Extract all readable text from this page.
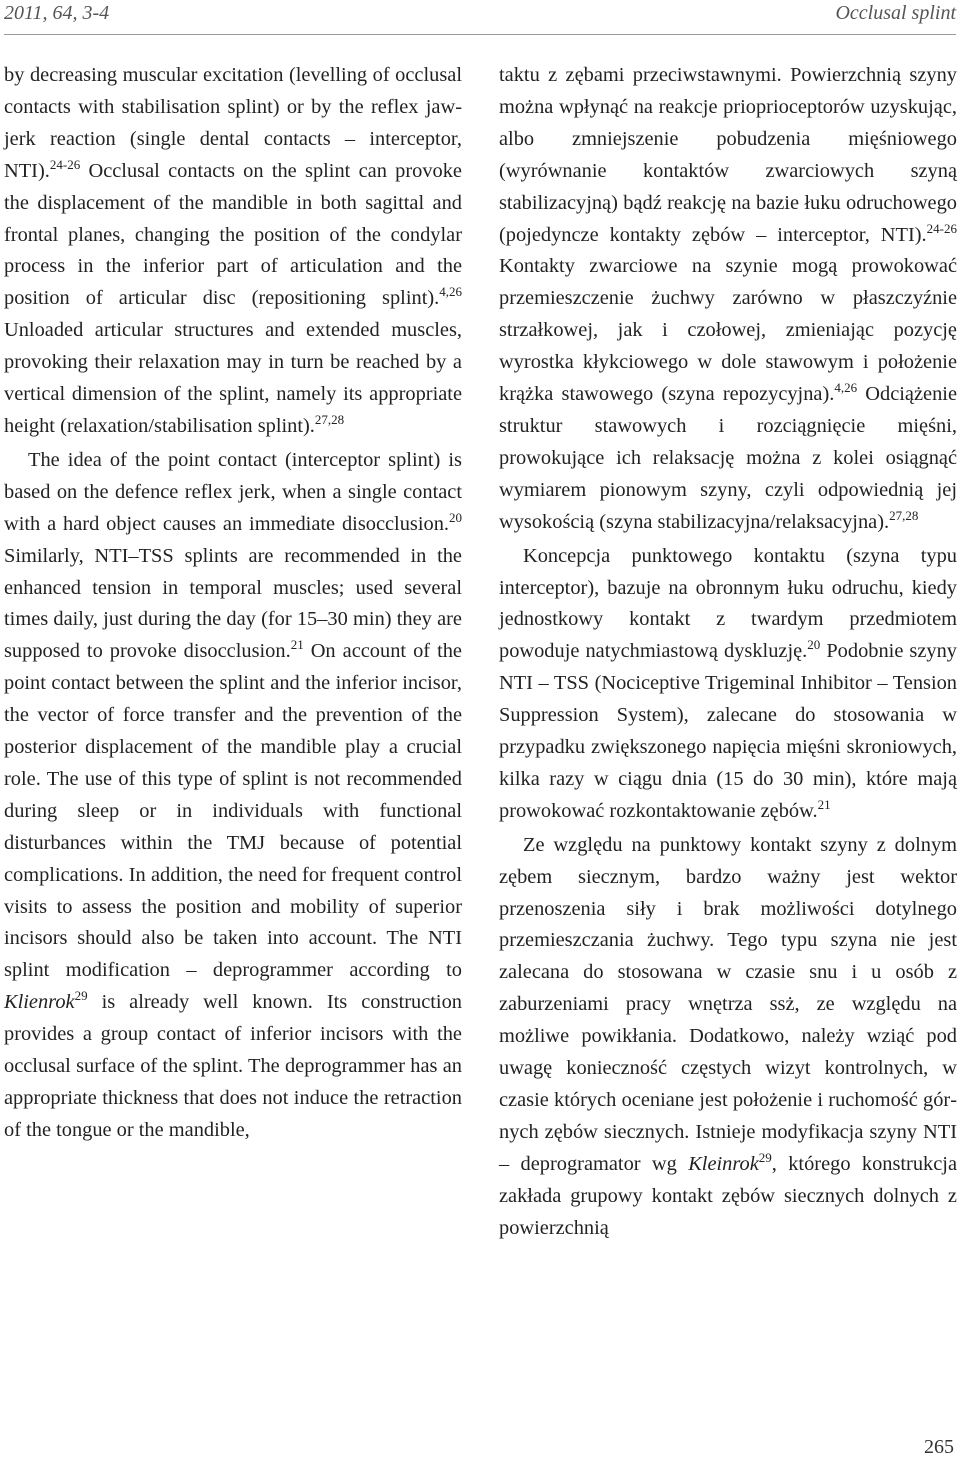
2011, 64, 3-4	Occlusal splint

by decreasing muscular excitation (levelling of occlusal contacts with stabilisation splint) or by the reflex jaw-jerk reaction (single dental contacts – interceptor, NTI).$^{24-26}$ Occlusal contacts on the splint can provoke the displacement of the mandible in both sagittal and frontal planes, changing the position of the condylar process in the inferior part of articulation and the position of articular disc (repositioning splint).$^{4,26}$ Unloaded articular structures and extended muscles, provoking their relaxation may in turn be reached by a vertical dimension of the splint, namely its appropriate height (relaxation/stabilisation splint).$^{27,28}$

The idea of the point contact (interceptor splint) is based on the defence reflex jerk, when a single contact with a hard object causes an immediate disocclusion.$^{20}$ Similarly, NTI–TSS splints are recommended in the enhanced tension in temporal muscles; used several times daily, just during the day (for 15–30 min) they are supposed to provoke disocclusion.$^{21}$ On account of the point contact between the splint and the inferior incisor, the vector of force transfer and the prevention of the posterior displacement of the mandible play a crucial role. The use of this type of splint is not recommended during sleep or in individuals with functional disturbances within the TMJ because of potential complications. In addition, the need for frequent control visits to assess the position and mobility of superior incisors should also be taken into account. The NTI splint modification – deprogrammer according to Klienrok$^{29}$ is already well known. Its construction provides a group contact of inferior incisors with the occlusal surface of the splint. The deprogrammer has an appropriate thickness that does not induce the retraction of the tongue or the mandible,

taktu z zębami przeciwstawnymi. Powierzchnią szyny można wpłynąć na reakcje prioprioceptorów uzyskując, albo zmniejszenie pobudzenia mięśniowego (wyrównanie kontaktów zwarciowych szyną stabilizacyjną) bądź reakcję na bazie łuku odruchowego (pojedyncze kontakty zębów – interceptor, NTI).$^{24-26}$ Kontakty zwarciowe na szynie mogą prowokować przemieszczenie żuchwy zarówno w płaszczyźnie strzałkowej, jak i czołowej, zmieniając pozycję wyrostka kłykciowego w dole stawowym i położenie krążka stawowego (szyna repozycyjna).$^{4,26}$ Odciążenie struktur stawowych i rozciągnięcie mięśni, prowokujące ich relaksację można z kolei osiągnąć wymiarem pionowym szyny, czyli odpowiednią jej wysokością (szyna stabilizacyjna/relaksacyjna).$^{27,28}$

Koncepcja punktowego kontaktu (szyna typu interceptor), bazuje na obronnym łuku odruchu, kiedy jednostkowy kontakt z twardym przedmiotem powoduje natychmiastową dyskluzję.$^{20}$ Podobnie szyny NTI – TSS (Nociceptive Trigeminal Inhibitor – Tension Suppression System), zalecane do stosowania w przypadku zwiększonego napięcia mięśni skroniowych, kilka razy w ciągu dnia (15 do 30 min), które mają prowokować rozkontaktowanie zębów.$^{21}$

Ze względu na punktowy kontakt szyny z dolnym zębem siecznym, bardzo ważny jest wektor przenoszenia siły i brak możliwości dotylnego przemieszczania żuchwy. Tego typu szyna nie jest zalecana do stosowana w czasie snu i u osób z zaburzeniami pracy wnętrza ssż, ze względu na możliwe powikłania. Dodatkowo, należy wziąć pod uwagę konieczność częstych wizyt kontrolnych, w czasie których oceniane jest położenie i ruchomość górnych zębów siecznych. Istnieje modyfikacja szyny NTI – deprogramator wg Kleinrok$^{29}$, którego konstrukcja zakłada grupowy kontakt zębów siecznych dolnych z powierzchnią

265
